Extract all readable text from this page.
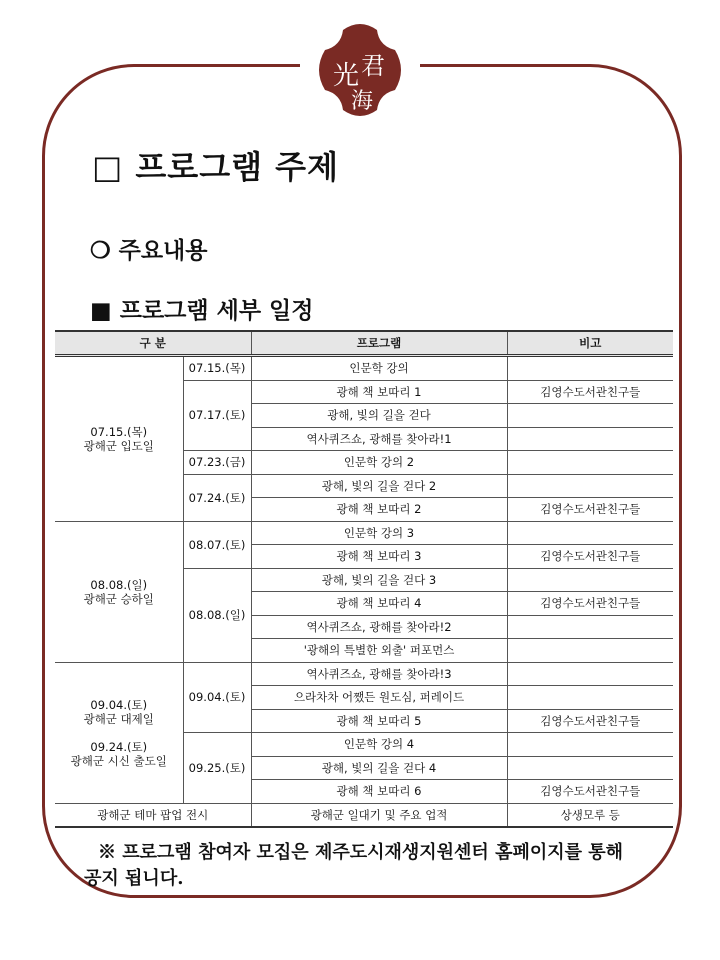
光
海
君
□ 프로그램 주제
❍ 주요내용
■ 프로그램 세부 일정
구 분		프로그램	비고
07.15.(목)
광해군 입도일	07.15.(목)	인문학 강의	
	07.17.(토)	광해 책 보따리 1	김영수도서관친구들
		광해, 빛의 길을 걷다	
		역사퀴즈쇼, 광해를 찾아라!1	
	07.23.(금)	인문학 강의 2	
	07.24.(토)	광해, 빛의 길을 걷다 2	
		광해 책 보따리 2	김영수도서관친구들
08.08.(일)
광해군 승하일	08.07.(토)	인문학 강의 3	
		광해 책 보따리 3	김영수도서관친구들
	08.08.(일)	광해, 빛의 길을 걷다 3	
		광해 책 보따리 4	김영수도서관친구들
		역사퀴즈쇼, 광해를 찾아라!2	
		'광해의 특별한 외출' 퍼포먼스	
09.04.(토)
광해군 대제일

09.24.(토)
광해군 시신 출도일	09.04.(토)	역사퀴즈쇼, 광해를 찾아라!3	
		으라차차 어쨌든 원도심, 퍼레이드	
		광해 책 보따리 5	김영수도서관친구들
	09.25.(토)	인문학 강의 4	
		광해, 빛의 길을 걷다 4	
		광해 책 보따리 6	김영수도서관친구들
광해군 테마 팝업 전시		광해군 일대기 및 주요 업적	상생모루 등
※ 프로그램 참여자 모집은 제주도시재생지원센터 홈페이지를 통해 공지 됩니다.
